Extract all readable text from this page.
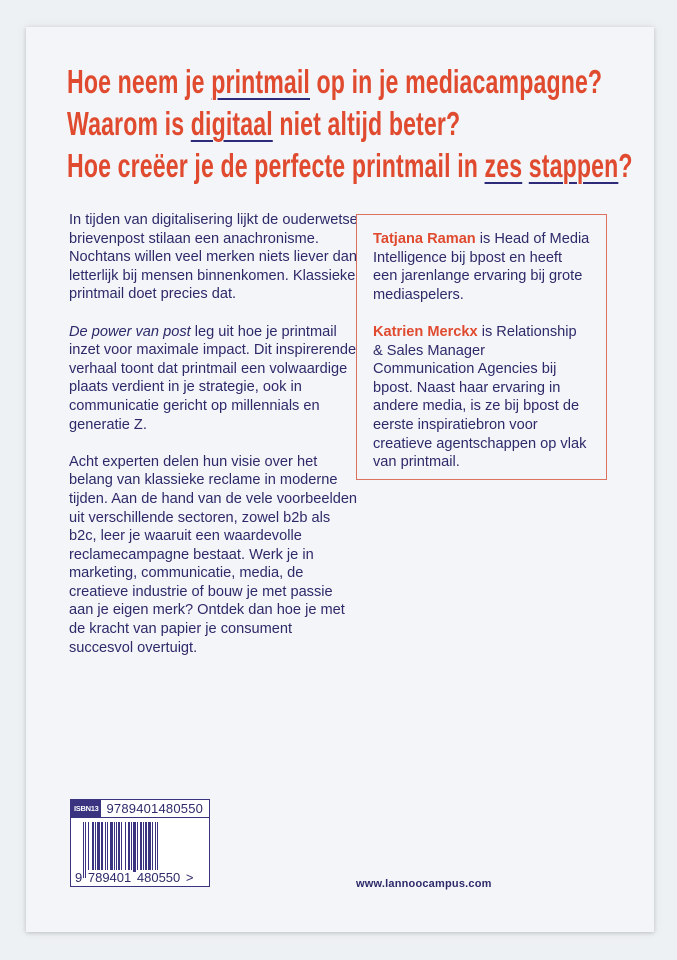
Hoe neem je printmail op in je mediacampagne?
Waarom is digitaal niet altijd beter?
Hoe creëer je de perfecte printmail in zes stappen?

In tijden van digitalisering lijkt de ouderwetse brievenpost stilaan een anachronisme. Nochtans willen veel merken niets liever dan letterlijk bij mensen binnenkomen. Klassieke printmail doet precies dat.

De power van post leg uit hoe je printmail inzet voor maximale impact. Dit inspirerende verhaal toont dat printmail een volwaardige plaats verdient in je strategie, ook in communicatie gericht op millennials en generatie Z.

Acht experten delen hun visie over het belang van klassieke reclame in moderne tijden. Aan de hand van de vele voorbeelden uit verschillende sectoren, zowel b2b als b2c, leer je waaruit een waardevolle reclamecampagne bestaat. Werk je in marketing, communicatie, media, de creatieve industrie of bouw je met passie aan je eigen merk? Ontdek dan hoe je met de kracht van papier je consument succesvol overtuigt.

Tatjana Raman is Head of Media Intelligence bij bpost en heeft een jarenlange ervaring bij grote mediaspelers.

Katrien Merckx is Relationship & Sales Manager Communication Agencies bij bpost. Naast haar ervaring in andere media, is ze bij bpost de eerste inspiratiebron voor creatieve agentschappen op vlak van printmail.

ISBN13 9789401480550
9 789401 480550 >	www.lannoocampus.com
